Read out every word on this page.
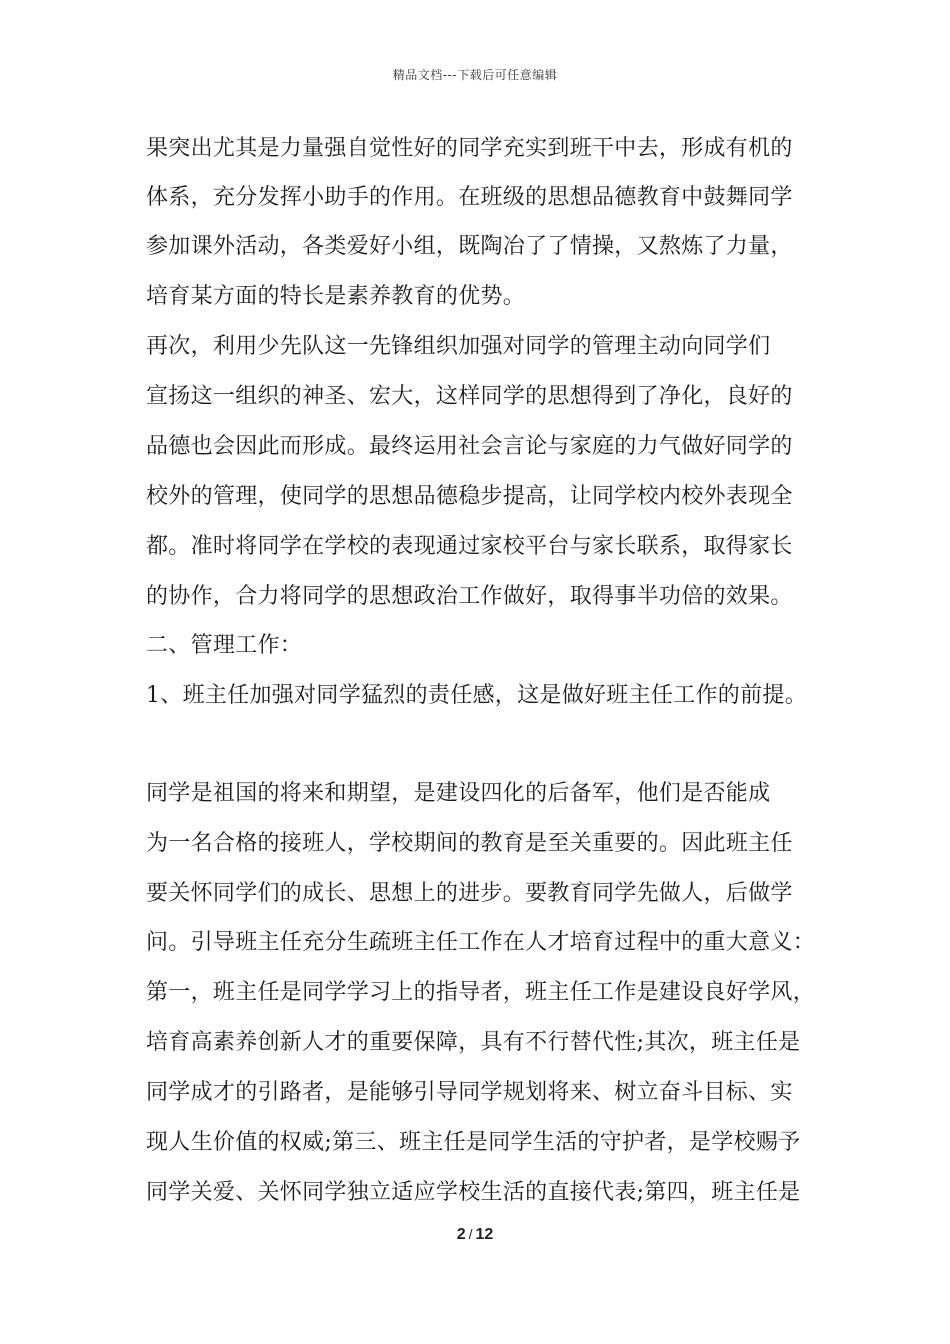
精品文档---下载后可任意编辑
果突出尤其是力量强自觉性好的同学充实到班干中去，形成有机的
体系，充分发挥小助手的作用。在班级的思想品德教育中鼓舞同学
参加课外活动，各类爱好小组，既陶冶了了情操，又熬炼了力量，
培育某方面的特长是素养教育的优势。
再次，利用少先队这一先锋组织加强对同学的管理主动向同学们
宣扬这一组织的神圣、宏大，这样同学的思想得到了净化，良好的
品德也会因此而形成。最终运用社会言论与家庭的力气做好同学的
校外的管理，使同学的思想品德稳步提高，让同学校内校外表现全
都。准时将同学在学校的表现通过家校平台与家长联系，取得家长
的协作，合力将同学的思想政治工作做好，取得事半功倍的效果。
二、管理工作：
1、班主任加强对同学猛烈的责任感，这是做好班主任工作的前提。
同学是祖国的将来和期望，是建设四化的后备军，他们是否能成
为一名合格的接班人，学校期间的教育是至关重要的。因此班主任
要关怀同学们的成长、思想上的进步。要教育同学先做人，后做学
问。引导班主任充分生疏班主任工作在人才培育过程中的重大意义：
第一，班主任是同学学习上的指导者，班主任工作是建设良好学风，
培育高素养创新人才的重要保障，具有不行替代性;其次，班主任是
同学成才的引路者，是能够引导同学规划将来、树立奋斗目标、实
现人生价值的权威;第三、班主任是同学生活的守护者，是学校赐予
同学关爱、关怀同学独立适应学校生活的直接代表;第四，班主任是
2 / 12
